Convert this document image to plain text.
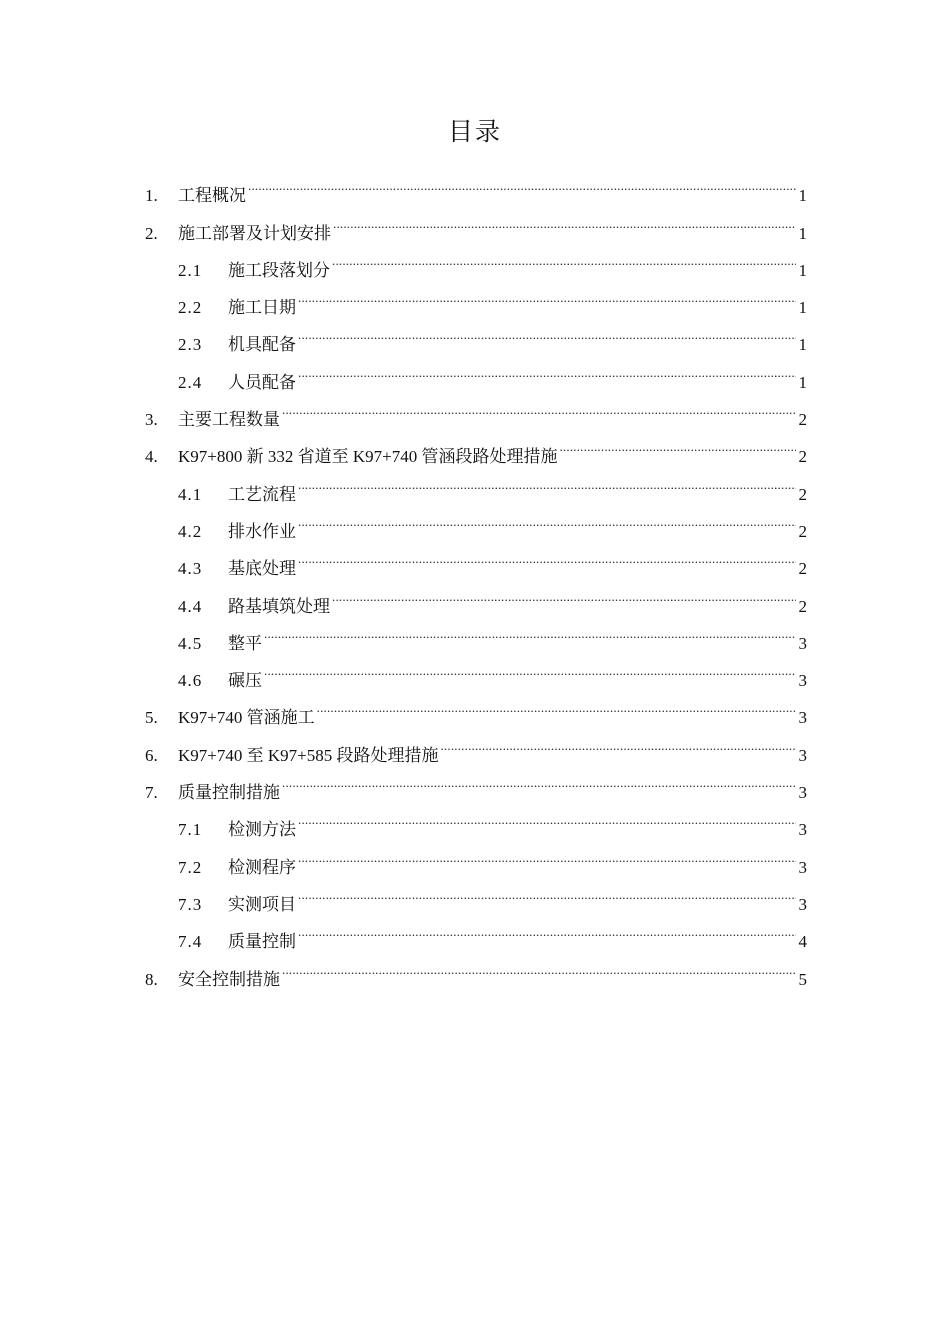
目录
1.	工程概况 .....	1
2.	施工部署及计划安排 .....	1
2.1	施工段落划分 .....	1
2.2	施工日期 .....	1
2.3	机具配备 .....	1
2.4	人员配备 .....	1
3.	主要工程数量 .....	2
4.	K97+800 新 332 省道至 K97+740 管涵段路处理措施 .....	2
4.1	工艺流程 .....	2
4.2	排水作业 .....	2
4.3	基底处理 .....	2
4.4	路基填筑处理 .....	2
4.5	整平 .....	3
4.6	碾压 .....	3
5.	K97+740 管涵施工 .....	3
6.	K97+740 至 K97+585 段路处理措施 .....	3
7.	质量控制措施 .....	3
7.1	检测方法 .....	3
7.2	检测程序 .....	3
7.3	实测项目 .....	3
7.4	质量控制 .....	4
8.	安全控制措施 .....	5
